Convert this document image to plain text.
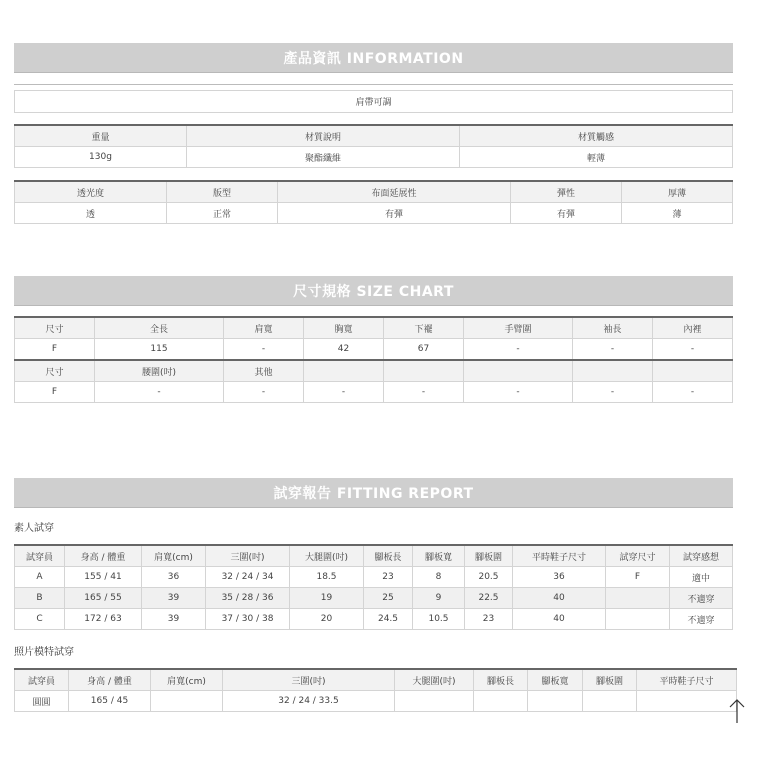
產品資訊 INFORMATION
肩帶可調
重量	材質說明	材質觸感
130g	聚酯纖維	輕薄
透光度	版型	布面延展性	彈性	厚薄
透	正常	有彈	有彈	薄
尺寸規格 SIZE CHART
尺寸	全長	肩寬	胸寬	下襬	手臂圍	袖長	內裡
F	115	-	42	67	-	-	-
尺寸	腰圍(吋)	其他					
F	-	-	-	-	-	-	-
試穿報告 FITTING REPORT
素人試穿
試穿員	身高 / 體重	肩寬(cm)	三圍(吋)	大腿圍(吋)	腳板長	腳板寬	腳板圍	平時鞋子尺寸	試穿尺寸	試穿感想
A	155 / 41	36	32 / 24 / 34	18.5	23	8	20.5	36	F	適中
B	165 / 55	39	35 / 28 / 36	19	25	9	22.5	40		不適穿
C	172 / 63	39	37 / 30 / 38	20	24.5	10.5	23	40		不適穿
照片模特試穿
試穿員	身高 / 體重	肩寬(cm)	三圍(吋)	大腿圍(吋)	腳板長	腳板寬	腳板圍	平時鞋子尺寸	
圓圓	165 / 45		32 / 24 / 33.5						
